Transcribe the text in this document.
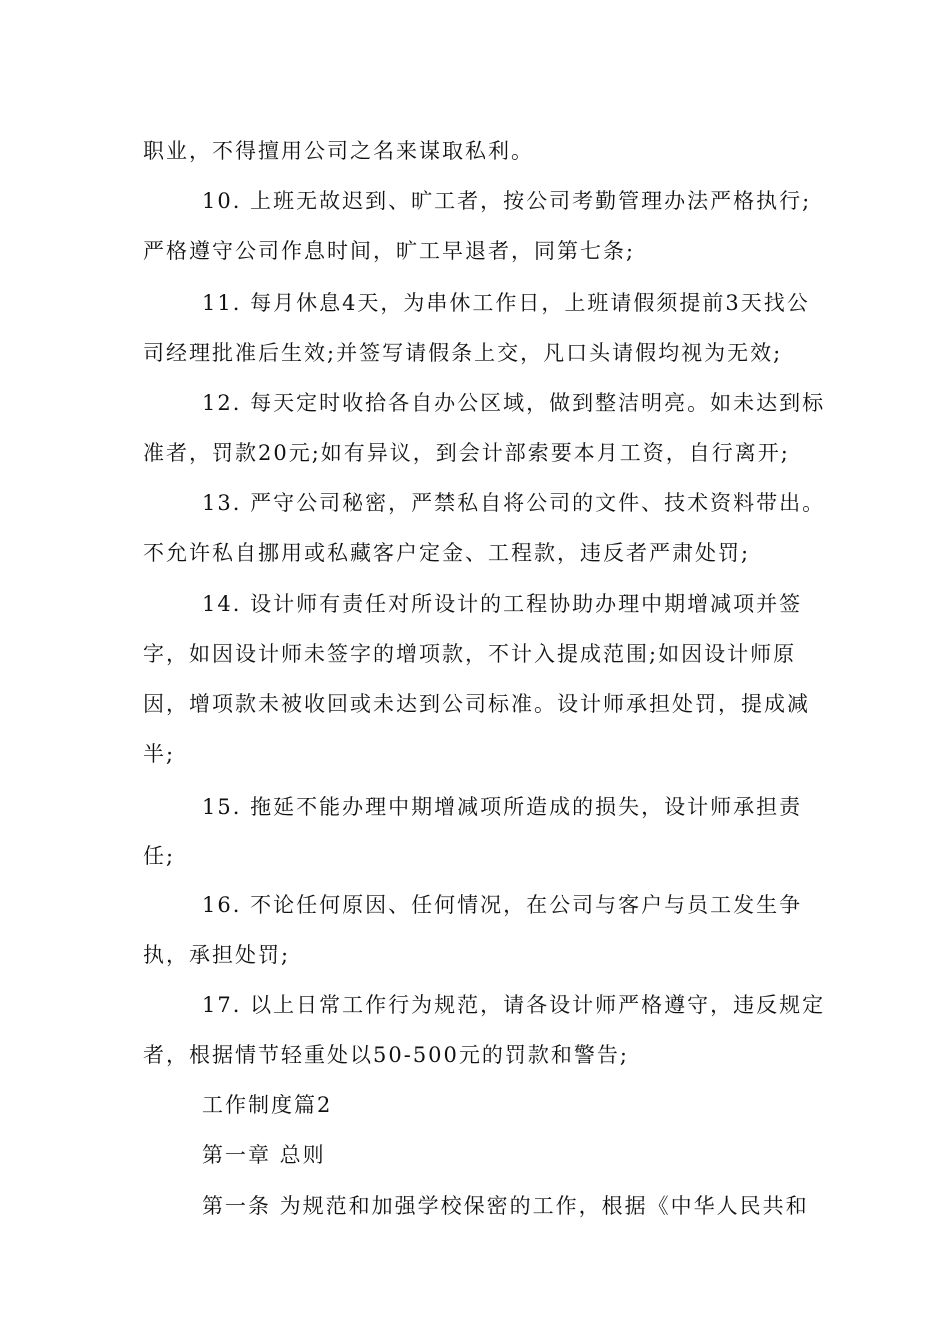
职业，不得擅用公司之名来谋取私利。
10. 上班无故迟到、旷工者，按公司考勤管理办法严格执行;
严格遵守公司作息时间，旷工早退者，同第七条;
11. 每月休息4天，为串休工作日，上班请假须提前3天找公
司经理批准后生效;并签写请假条上交，凡口头请假均视为无效;
12. 每天定时收拾各自办公区域，做到整洁明亮。如未达到标
准者，罚款20元;如有异议，到会计部索要本月工资，自行离开;
13. 严守公司秘密，严禁私自将公司的文件、技术资料带出。
不允许私自挪用或私藏客户定金、工程款，违反者严肃处罚;
14. 设计师有责任对所设计的工程协助办理中期增减项并签
字，如因设计师未签字的增项款，不计入提成范围;如因设计师原
因，增项款未被收回或未达到公司标准。设计师承担处罚，提成减
半;
15. 拖延不能办理中期增减项所造成的损失，设计师承担责
任;
16. 不论任何原因、任何情况，在公司与客户与员工发生争
执，承担处罚;
17. 以上日常工作行为规范，请各设计师严格遵守，违反规定
者，根据情节轻重处以50-500元的罚款和警告;
工作制度篇2
第一章 总则
第一条 为规范和加强学校保密的工作，根据《中华人民共和
